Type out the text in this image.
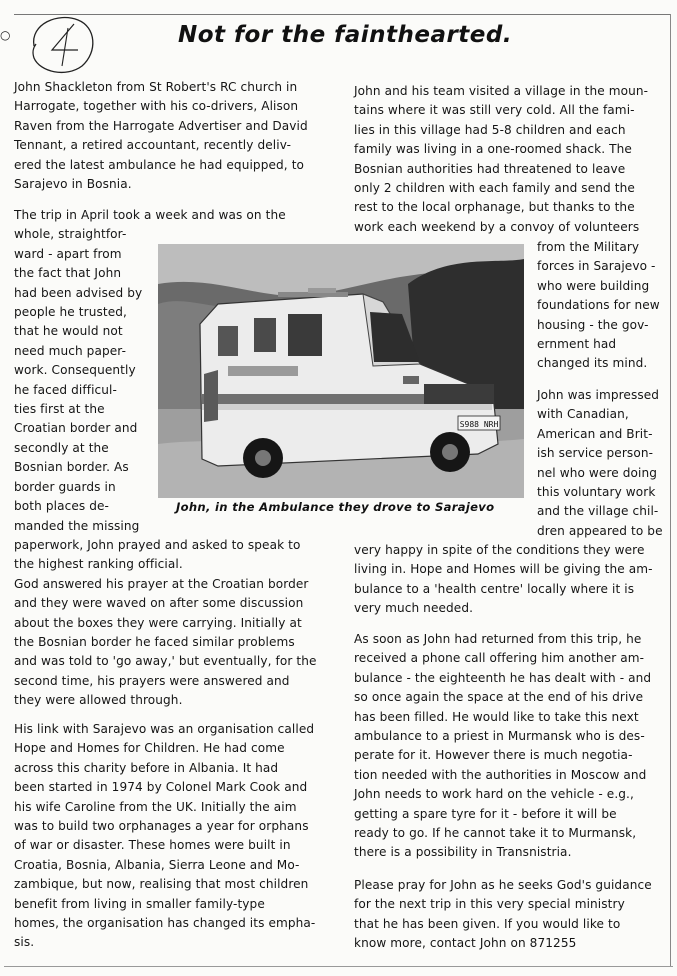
○	Not for the fainthearted.
John Shackleton from St Robert's RC church in
Harrogate, together with his co-drivers, Alison
Raven from the Harrogate Advertiser and David
Tennant, a retired accountant, recently deliv-
ered the latest ambulance he had equipped, to
Sarajevo in Bosnia.
The trip in April took a week and was on the
whole, straightfor-
ward - apart from
the fact that John
had been advised by
people he trusted,
that he would not
need much paper-
work. Consequently
he faced difficul-
ties first at the
Croatian border and
secondly at the
Bosnian border. As
border guards in
both places de-
manded the missing
paperwork, John prayed and asked to speak to
the highest ranking official.
God answered his prayer at the Croatian border
and they were waved on after some discussion
about the boxes they were carrying. Initially at
the Bosnian border he faced similar problems
and was told to 'go away,' but eventually, for the
second time, his prayers were answered and
they were allowed through.
His link with Sarajevo was an organisation called
Hope and Homes for Children. He had come
across this charity before in Albania. It had
been started in 1974 by Colonel Mark Cook and
his wife Caroline from the UK. Initially the aim
was to build two orphanages a year for orphans
of war or disaster. These homes were built in
Croatia, Bosnia, Albania, Sierra Leone and Mo-
zambique, but now, realising that most children
benefit from living in smaller family-type
homes, the organisation has changed its empha-
sis.
John and his team visited a village in the moun-
tains where it was still very cold. All the fami-
lies in this village had 5-8 children and each
family was living in a one-roomed shack. The
Bosnian authorities had threatened to leave
only 2 children with each family and send the
rest to the local orphanage, but thanks to the
work each weekend by a convoy of volunteers
from the Military
forces in Sarajevo -
who were building
foundations for new
housing - the gov-
ernment had
changed its mind.
John was impressed
with Canadian,
American and Brit-
ish service person-
nel who were doing
this voluntary work
and the village chil-
dren appeared to be
very happy in spite of the conditions they were
living in. Hope and Homes will be giving the am-
bulance to a 'health centre' locally where it is
very much needed.
As soon as John had returned from this trip, he
received a phone call offering him another am-
bulance - the eighteenth he has dealt with - and
so once again the space at the end of his drive
has been filled. He would like to take this next
ambulance to a priest in Murmansk who is des-
perate for it. However there is much negotia-
tion needed with the authorities in Moscow and
John needs to work hard on the vehicle - e.g.,
getting a spare tyre for it - before it will be
ready to go. If he cannot take it to Murmansk,
there is a possibility in Transnistria.
Please pray for John as he seeks God's guidance
for the next trip in this very special ministry
that he has been given. If you would like to
know more, contact John on 871255
S988 NRH
John, in the Ambulance they drove to Sarajevo
